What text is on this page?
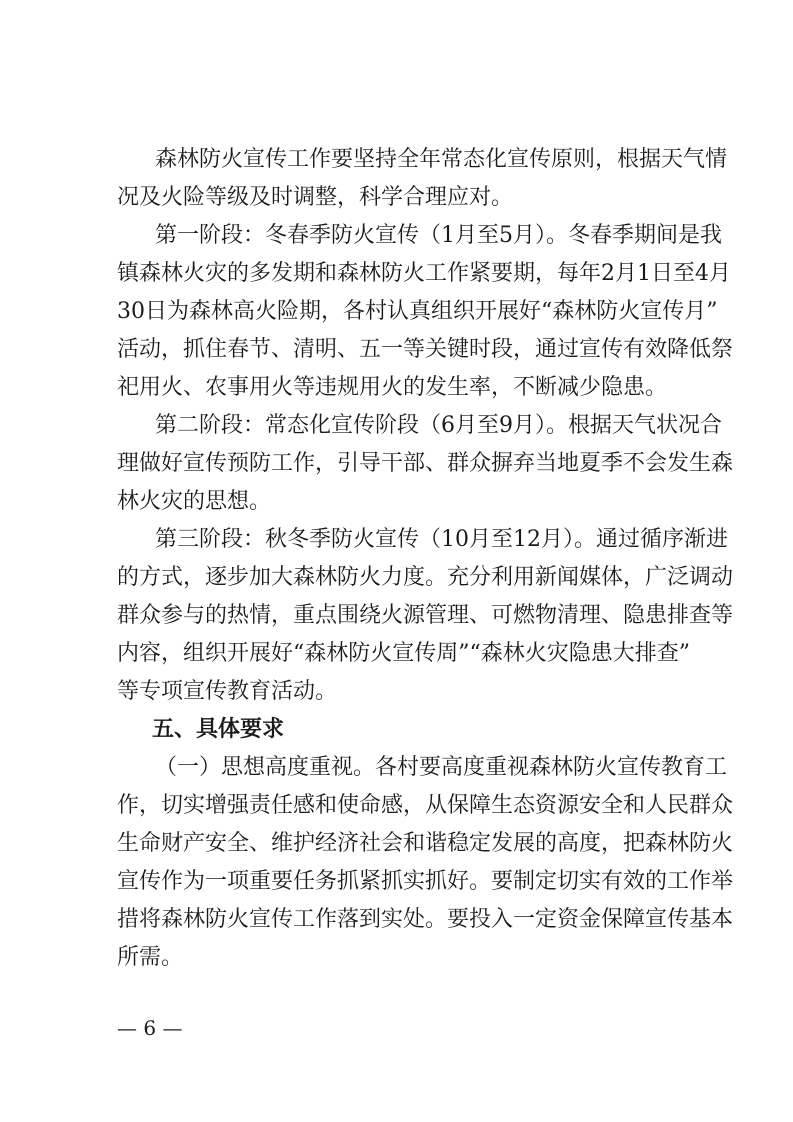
森林防火宣传工作要坚持全年常态化宣传原则，根据天气情
况及火险等级及时调整，科学合理应对。
第一阶段：冬春季防火宣传（1月至5月）。冬春季期间是我
镇森林火灾的多发期和森林防火工作紧要期，每年2月1日至4月
30日为森林高火险期，各村认真组织开展好“森林防火宣传月”
活动，抓住春节、清明、五一等关键时段，通过宣传有效降低祭
祀用火、农事用火等违规用火的发生率，不断减少隐患。
第二阶段：常态化宣传阶段（6月至9月）。根据天气状况合
理做好宣传预防工作，引导干部、群众摒弃当地夏季不会发生森
林火灾的思想。
第三阶段：秋冬季防火宣传（10月至12月）。通过循序渐进
的方式，逐步加大森林防火力度。充分利用新闻媒体，广泛调动
群众参与的热情，重点围绕火源管理、可燃物清理、隐患排查等
内容，组织开展好“森林防火宣传周”“森林火灾隐患大排查”
等专项宣传教育活动。
五、具体要求
（一）思想高度重视。各村要高度重视森林防火宣传教育工
作，切实增强责任感和使命感，从保障生态资源安全和人民群众
生命财产安全、维护经济社会和谐稳定发展的高度，把森林防火
宣传作为一项重要任务抓紧抓实抓好。要制定切实有效的工作举
措将森林防火宣传工作落到实处。要投入一定资金保障宣传基本
所需。
— 6 —
